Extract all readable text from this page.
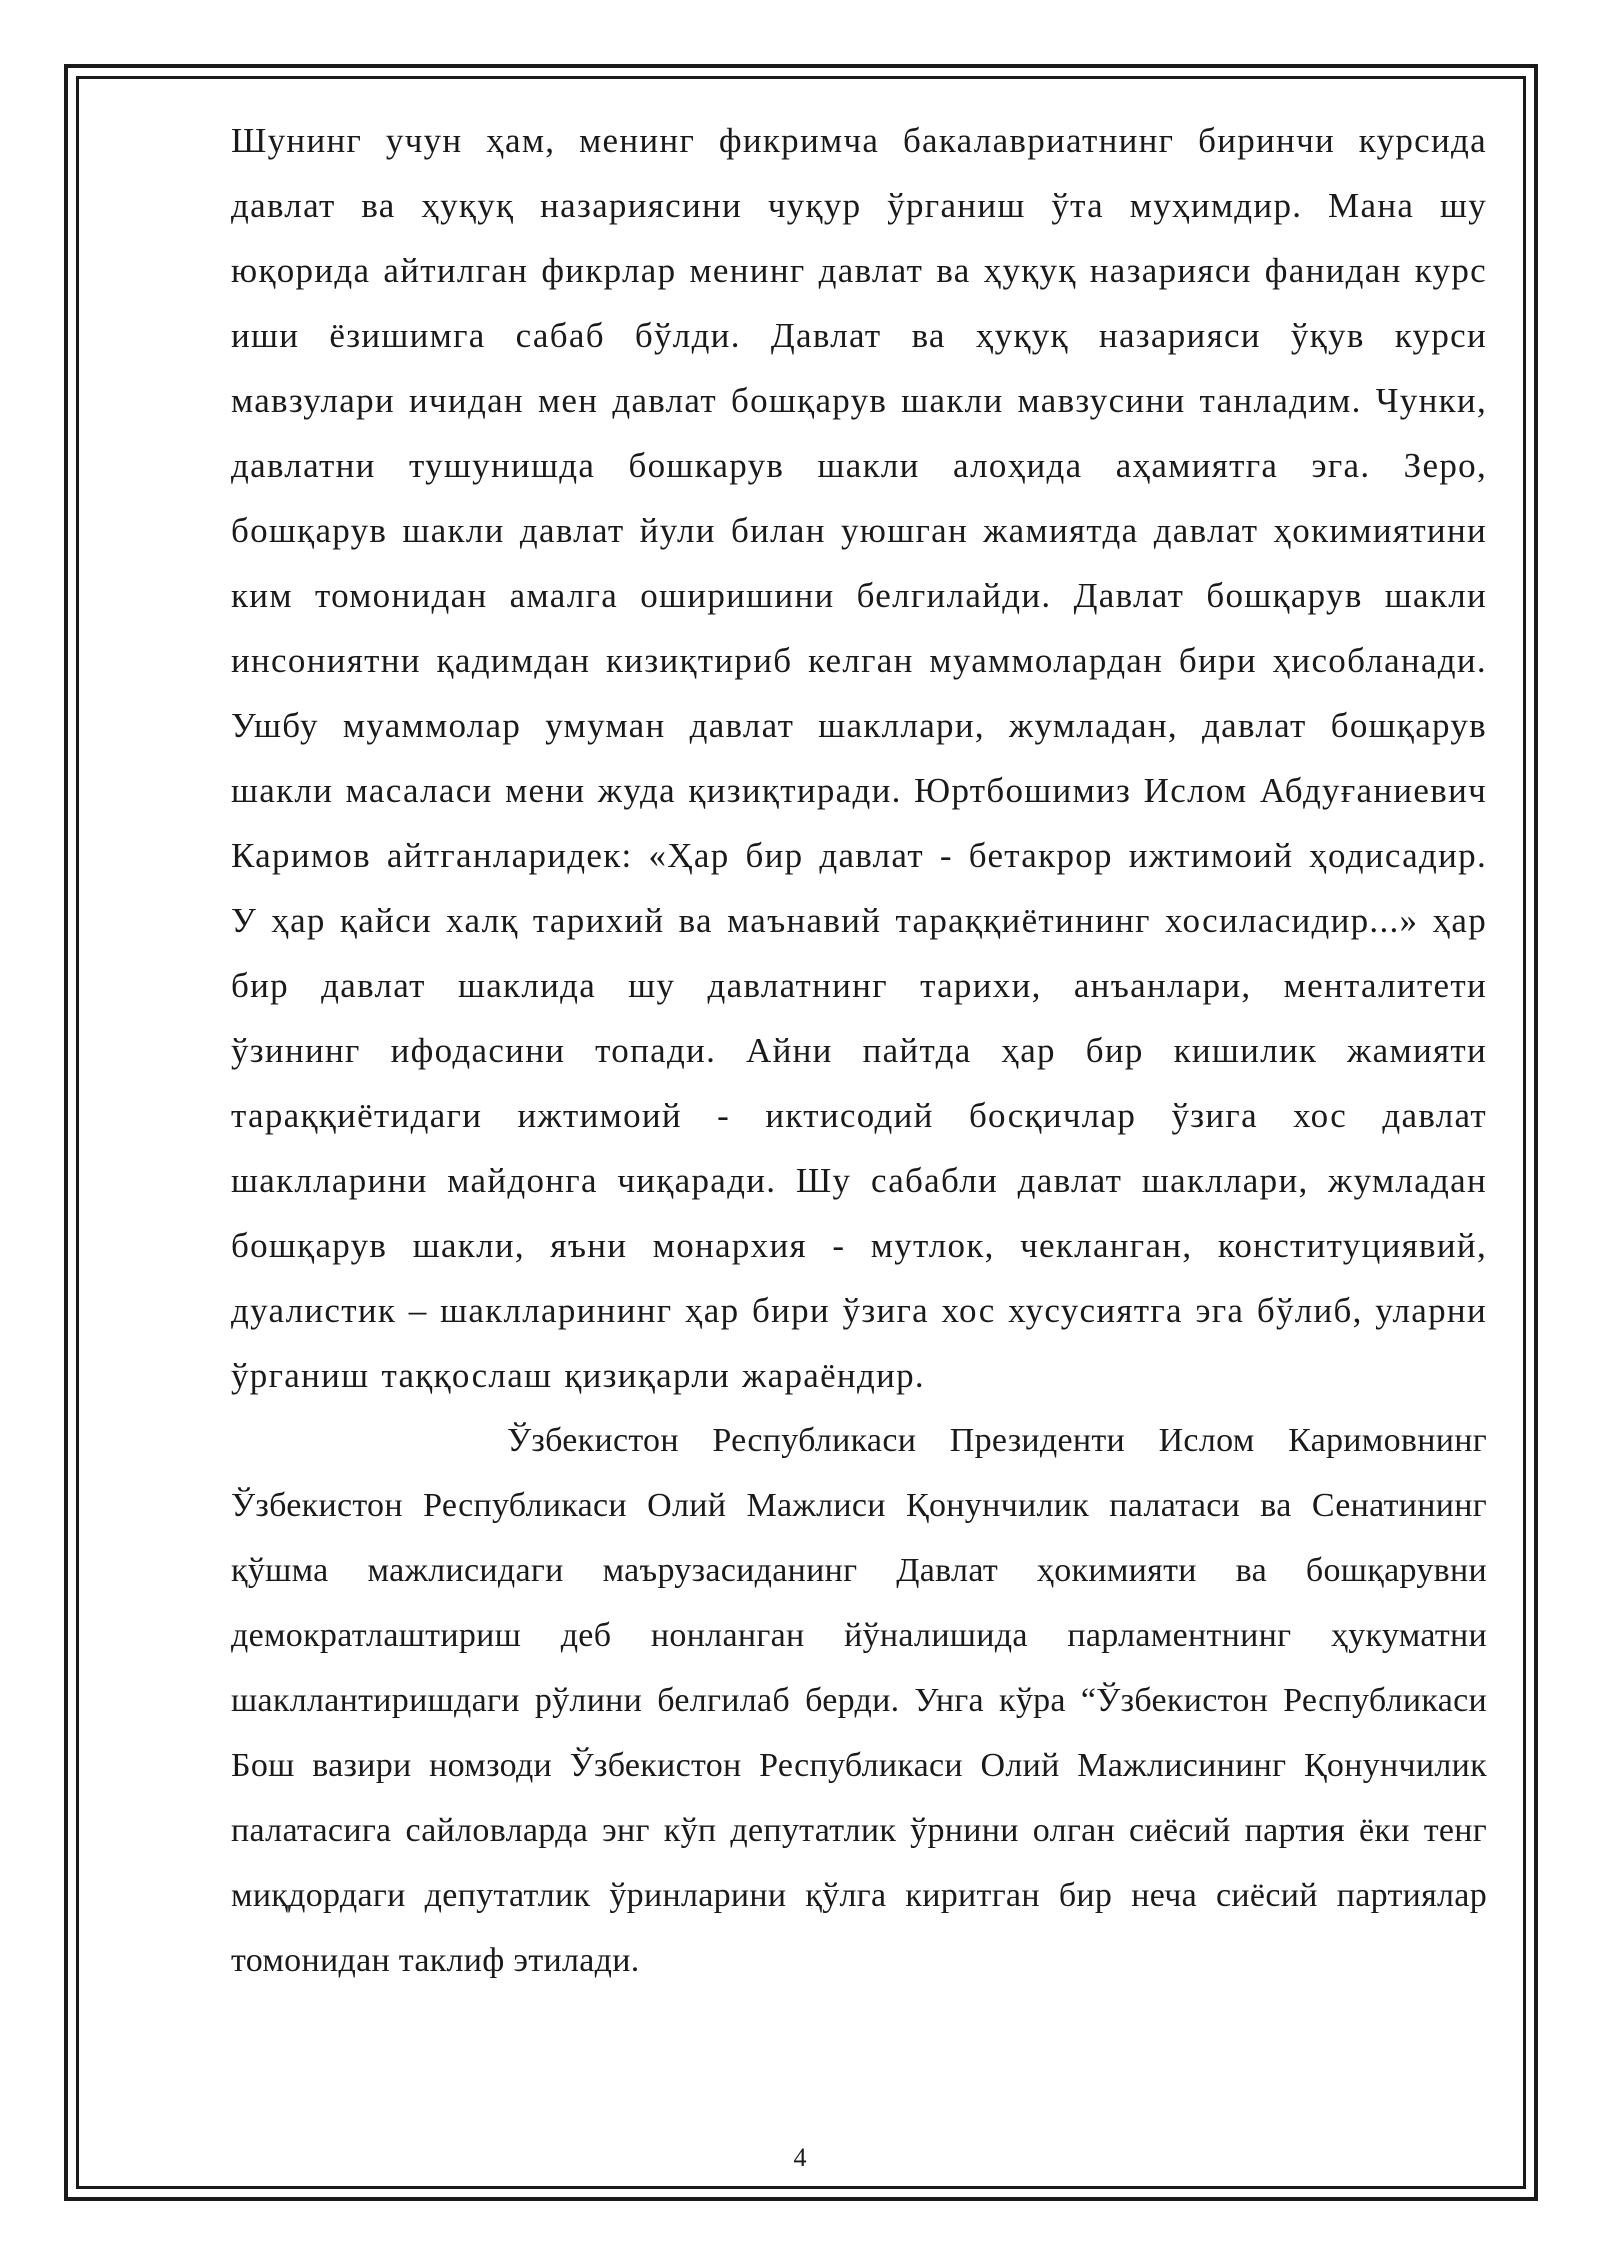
Шунинг учун ҳам, менинг фикримча бакалавриатнинг биринчи курсида давлат ва ҳуқуқ назариясини чуқур ўрганиш ўта муҳимдир. Мана шу юқорида айтилган фикрлар менинг давлат ва ҳуқуқ назарияси фанидан курс иши ёзишимга сабаб бўлди. Давлат ва ҳуқуқ назарияси ўқув курси мавзулари ичидан мен давлат бошқарув шакли мавзусини танладим. Чунки, давлатни тушунишда бошкарув шакли алоҳида аҳамиятга эга. Зеро, бошқарув шакли давлат йули билан уюшган жамиятда давлат ҳокимиятини ким томонидан амалга оширишини белгилайди. Давлат бошқарув шакли инсониятни қадимдан кизиқтириб келган муаммолардан бири ҳисобланади. Ушбу муаммолар умуман давлат шакллари, жумладан, давлат бошқарув шакли масаласи мени жуда қизиқтиради. Юртбошимиз Ислом Абдуғаниевич Каримов айтганларидек: «Ҳар бир давлат - бетакрор ижтимоий ҳодисадир. У ҳар қайси халқ тарихий ва маънавий тараққиётининг хосиласидир...» ҳар бир давлат шаклида шу давлатнинг тарихи, анъанлари, менталитети ўзининг ифодасини топади. Айни пайтда ҳар бир кишилик жамияти тараққиётидаги ижтимоий - иктисодий босқичлар ўзига хос давлат шаклларини майдонга чиқаради. Шу сабабли давлат шакллари, жумладан бошқарув шакли, яъни монархия - мутлок, чекланган, конституциявий, дуалистик – шаклларининг ҳар бири ўзига хос хусусиятга эга бўлиб, уларни ўрганиш таққослаш қизиқарли жараёндир.

Ўзбекистон Республикаси Президенти Ислом Каримовнинг Ўзбекистон Республикаси Олий Мажлиси Қонунчилик палатаси ва Сенатининг қўшма мажлисидаги маърузасиданинг Давлат ҳокимияти ва бошқарувни демократлаштириш деб нонланган йўналишида парламентнинг ҳукуматни шакллантиришдаги рўлини белгилаб берди. Унга кўра “Ўзбекистон Республикаси Бош вазири номзоди Ўзбекистон Республикаси Олий Мажлисининг Қонунчилик палатасига сайловларда энг кўп депутатлик ўрнини олган сиёсий партия ёки тенг миқдордаги депутатлик ўринларини қўлга киритган бир неча сиёсий партиялар томонидан таклиф этилади.

4
